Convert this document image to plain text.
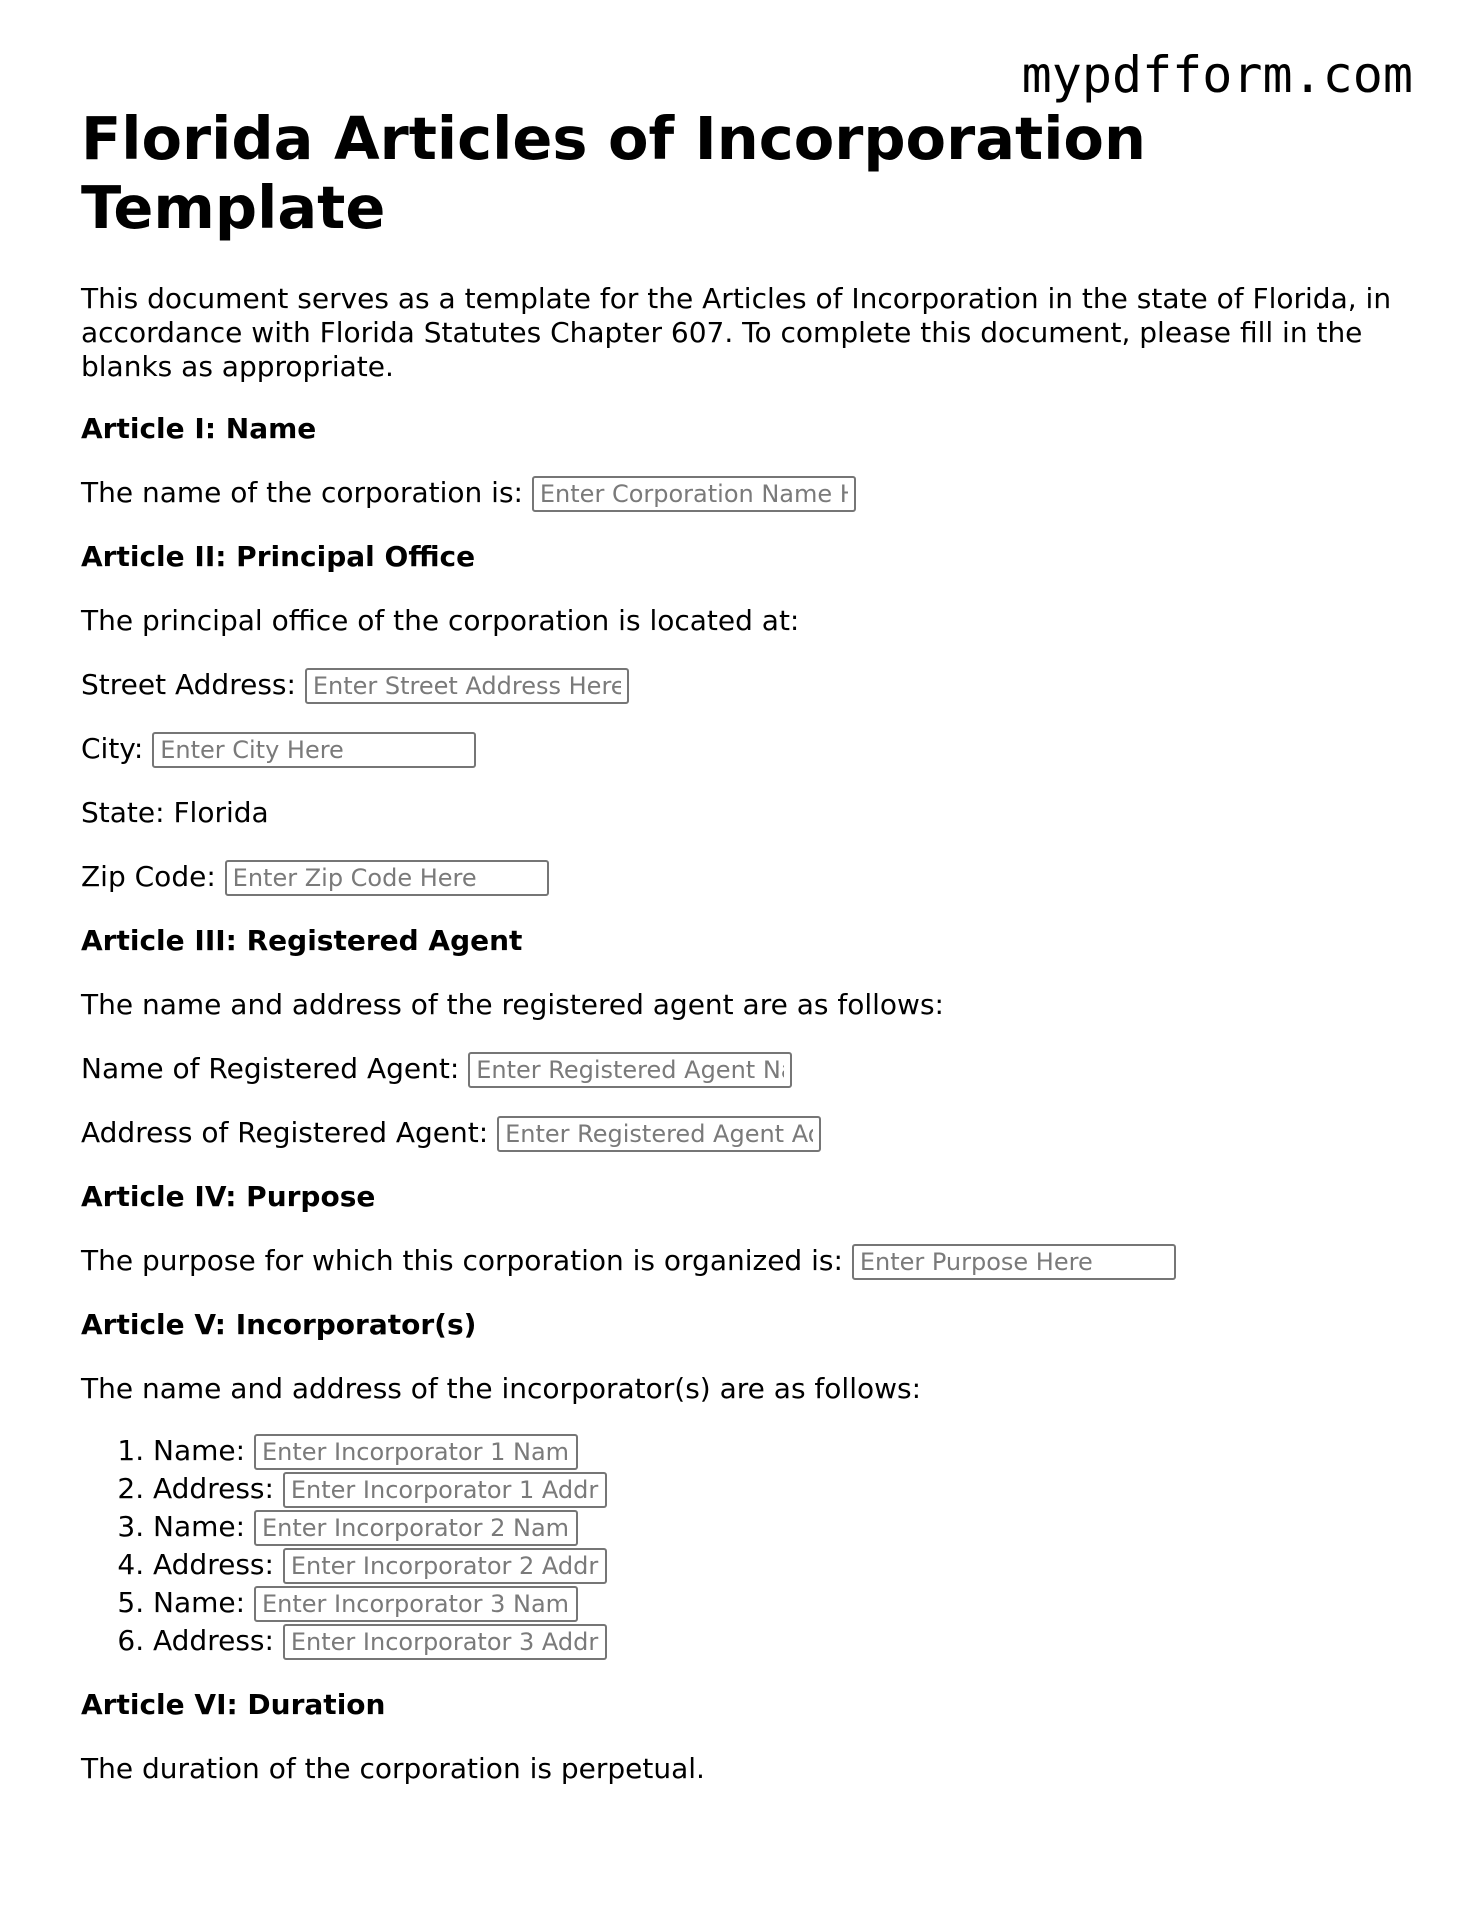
mypdfform.com
Florida Articles of Incorporation Template

This document serves as a template for the Articles of Incorporation in the state of Florida, in accordance with Florida Statutes Chapter 607. To complete this document, please fill in the blanks as appropriate.

Article I: Name

The name of the corporation is: Enter Corporation Name Here

Article II: Principal Office

The principal office of the corporation is located at:

Street Address: Enter Street Address Here

City: Enter City Here

State: Florida

Zip Code: Enter Zip Code Here

Article III: Registered Agent

The name and address of the registered agent are as follows:

Name of Registered Agent: Enter Registered Agent Name Here

Address of Registered Agent: Enter Registered Agent Address Here

Article IV: Purpose

The purpose for which this corporation is organized is: Enter Purpose Here

Article V: Incorporator(s)

The name and address of the incorporator(s) are as follows:

1. Name: Enter Incorporator 1 Name
2. Address: Enter Incorporator 1 Address
3. Name: Enter Incorporator 2 Name
4. Address: Enter Incorporator 2 Address
5. Name: Enter Incorporator 3 Name
6. Address: Enter Incorporator 3 Address
Article VI: Duration

The duration of the corporation is perpetual.
